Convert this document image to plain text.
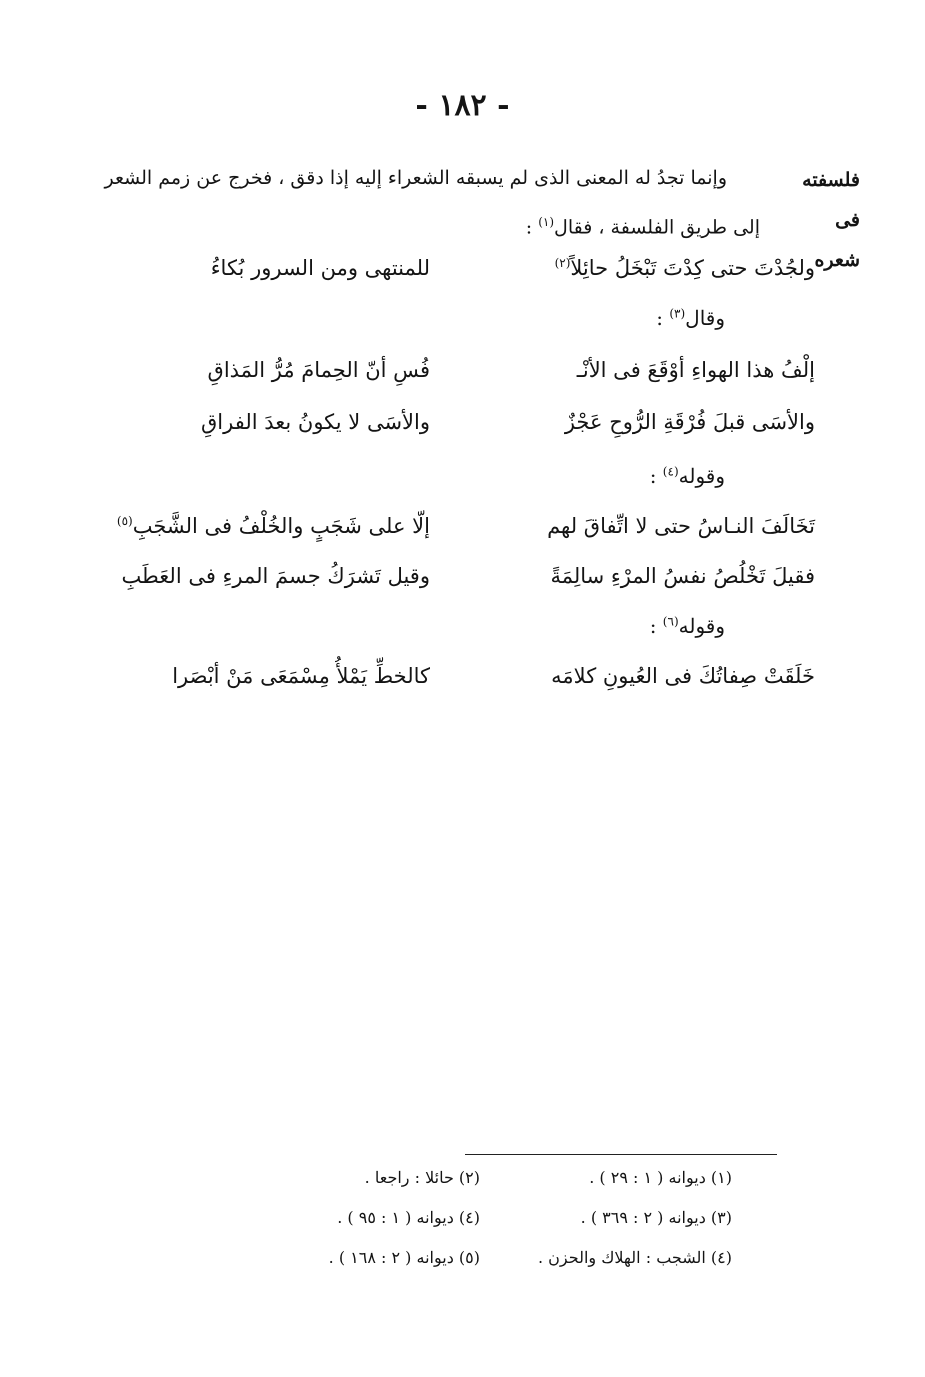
- ١٨٢ -
فلسفته فى
شعره
وإنما تجدُ له المعنى الذى لم يسبقه الشعراء إليه إذا دقق ، فخرج عن زمم الشعر
إلى طريق الفلسفة ، فقال$^{(١)}$ :
ولجُدْتَ حتى كِدْتَ تَبْخَلُ حائِلاً$^{(٢)}$
للمنتهى ومن السرور بُكاءُ
وقال$^{(٣)}$ :
إلْفُ هذا الهواءِ أوْقَعَ فى الأنْـ
فُسِ أنّ الحِمامَ مُرُّ المَذاقِ
والأسَى قبلَ فُرْقَةِ الرُّوحِ عَجْزٌ
والأسَى لا يكونُ بعدَ الفراقِ
وقوله$^{(٤)}$ :
تَخَالَفَ النـاسُ حتى لا اتِّفاقَ لهم
إلّا على شَجَبٍ والخُلْفُ فى الشَّجَبِ$^{(٥)}$
فقيلَ تَخْلُصُ نفسُ المرْءِ سالِمَةً
وقيل تَشرَكُ جسمَ المرءِ فى العَطَبِ
وقوله$^{(٦)}$ :
خَلَقَتْ صِفاتُكَ فى العُيونِ كلامَه
كالخطِّ يَمْلأُ مِسْمَعَى مَنْ أبْصَرا
(١) ديوانه ( ١ : ٢٩ ) .
(٢) حائلا : راجعا .
(٣) ديوانه ( ٢ : ٣٦٩ ) .
(٤) ديوانه ( ١ : ٩٥ ) .
(٤) الشجب : الهلاك والحزن .
(٥) ديوانه ( ٢ : ١٦٨ ) .
